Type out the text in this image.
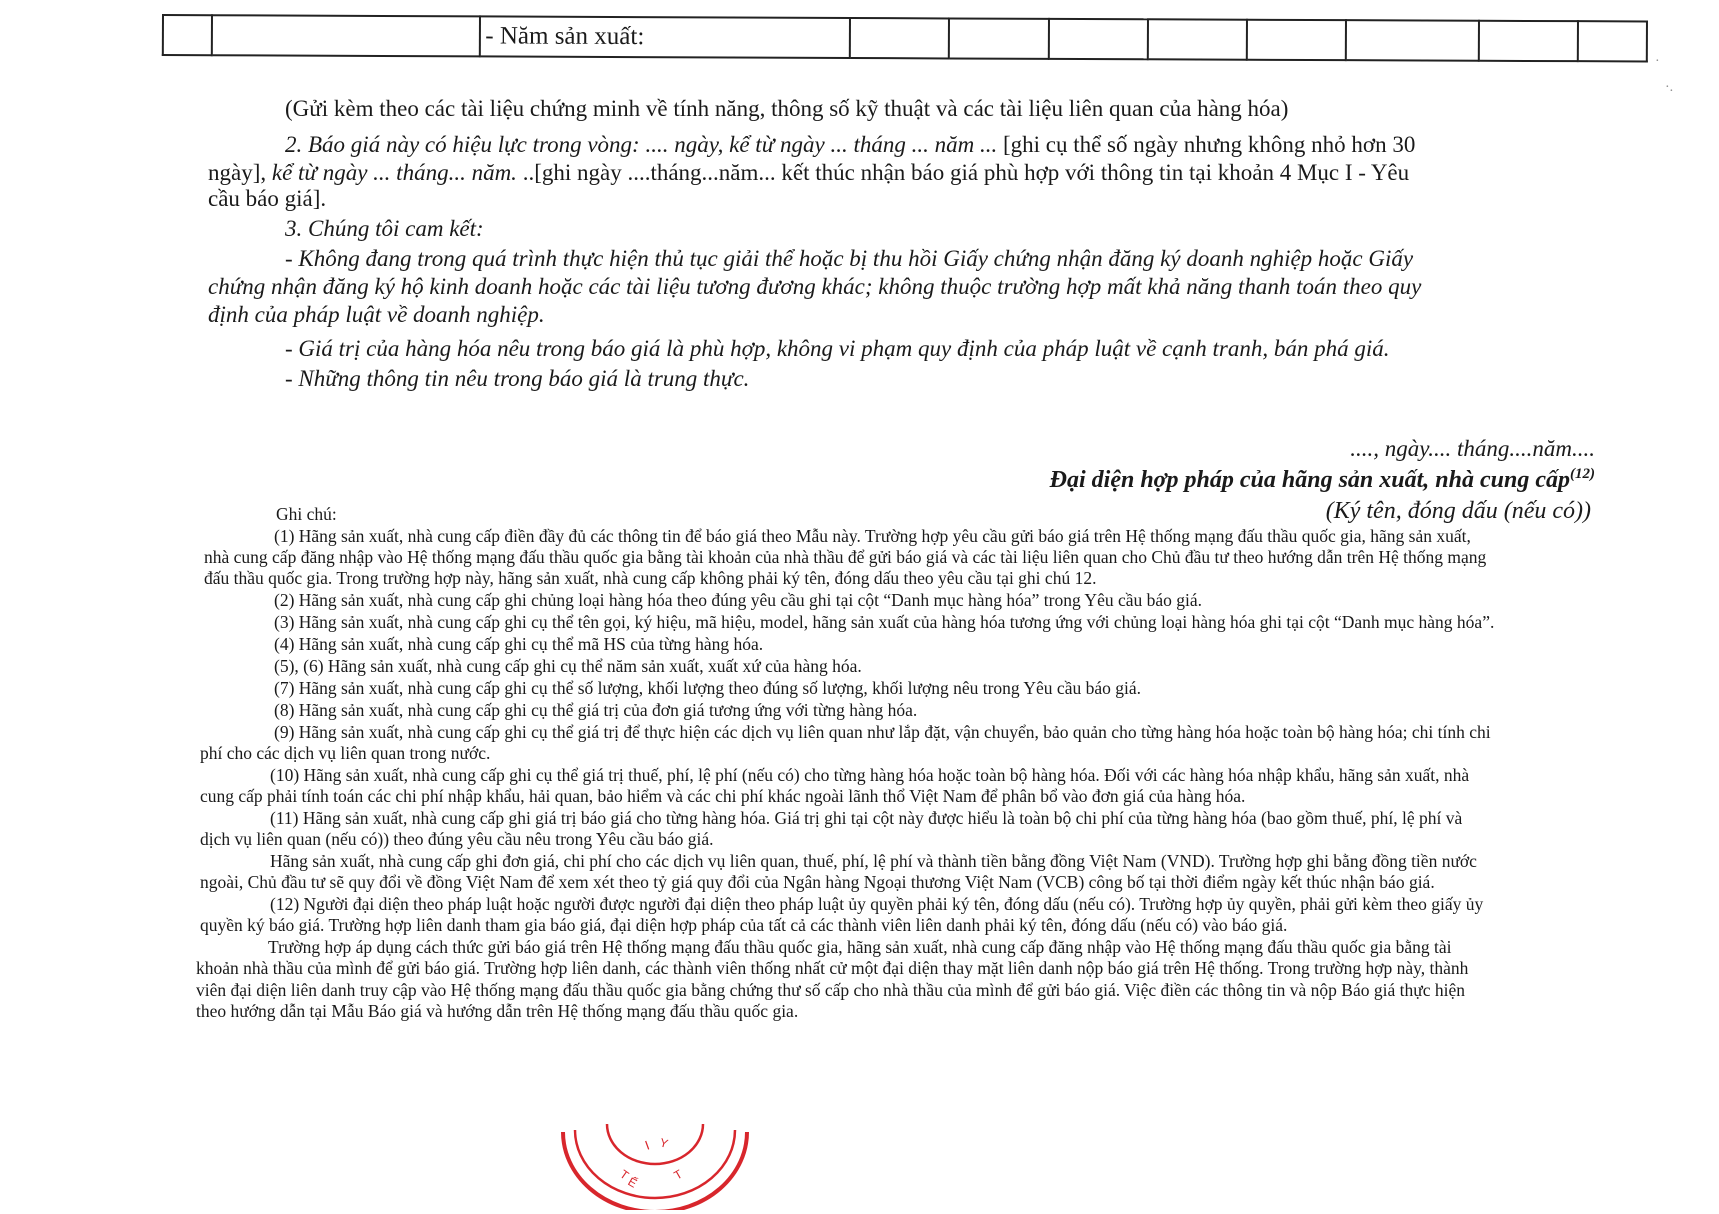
		- Năm sản xuất:								
·
·.
(Gửi kèm theo các tài liệu chứng minh về tính năng, thông số kỹ thuật và các tài liệu liên quan của hàng hóa)
2. Báo giá này có hiệu lực trong vòng: .... ngày, kể từ ngày ... tháng ... năm ... [ghi cụ thể số ngày nhưng không nhỏ hơn 30
ngày], kể từ ngày ... tháng... năm. ..[ghi ngày ....tháng...năm... kết thúc nhận báo giá phù hợp với thông tin tại khoản 4 Mục I - Yêu
cầu báo giá].
3. Chúng tôi cam kết:
- Không đang trong quá trình thực hiện thủ tục giải thể hoặc bị thu hồi Giấy chứng nhận đăng ký doanh nghiệp hoặc Giấy
chứng nhận đăng ký hộ kinh doanh hoặc các tài liệu tương đương khác; không thuộc trường hợp mất khả năng thanh toán theo quy
định của pháp luật về doanh nghiệp.
- Giá trị của hàng hóa nêu trong báo giá là phù hợp, không vi phạm quy định của pháp luật về cạnh tranh, bán phá giá.
- Những thông tin nêu trong báo giá là trung thực.
...., ngày.... tháng....năm....
Đại diện hợp pháp của hãng sản xuất, nhà cung cấp$^{(12)}$
(Ký tên, đóng dấu (nếu có))
Ghi chú:
(1) Hãng sản xuất, nhà cung cấp điền đầy đủ các thông tin để báo giá theo Mẫu này. Trường hợp yêu cầu gửi báo giá trên Hệ thống mạng đấu thầu quốc gia, hãng sản xuất,
nhà cung cấp đăng nhập vào Hệ thống mạng đấu thầu quốc gia bằng tài khoản của nhà thầu để gửi báo giá và các tài liệu liên quan cho Chủ đầu tư theo hướng dẫn trên Hệ thống mạng
đấu thầu quốc gia. Trong trường hợp này, hãng sản xuất, nhà cung cấp không phải ký tên, đóng dấu theo yêu cầu tại ghi chú 12.
(2) Hãng sản xuất, nhà cung cấp ghi chủng loại hàng hóa theo đúng yêu cầu ghi tại cột “Danh mục hàng hóa” trong Yêu cầu báo giá.
(3) Hãng sản xuất, nhà cung cấp ghi cụ thể tên gọi, ký hiệu, mã hiệu, model, hãng sản xuất của hàng hóa tương ứng với chủng loại hàng hóa ghi tại cột “Danh mục hàng hóa”.
(4) Hãng sản xuất, nhà cung cấp ghi cụ thể mã HS của từng hàng hóa.
(5), (6) Hãng sản xuất, nhà cung cấp ghi cụ thể năm sản xuất, xuất xứ của hàng hóa.
(7) Hãng sản xuất, nhà cung cấp ghi cụ thể số lượng, khối lượng theo đúng số lượng, khối lượng nêu trong Yêu cầu báo giá.
(8) Hãng sản xuất, nhà cung cấp ghi cụ thể giá trị của đơn giá tương ứng với từng hàng hóa.
(9) Hãng sản xuất, nhà cung cấp ghi cụ thể giá trị để thực hiện các dịch vụ liên quan như lắp đặt, vận chuyển, bảo quản cho từng hàng hóa hoặc toàn bộ hàng hóa; chi tính chi
phí cho các dịch vụ liên quan trong nước.
(10) Hãng sản xuất, nhà cung cấp ghi cụ thể giá trị thuế, phí, lệ phí (nếu có) cho từng hàng hóa hoặc toàn bộ hàng hóa. Đối với các hàng hóa nhập khẩu, hãng sản xuất, nhà
cung cấp phải tính toán các chi phí nhập khẩu, hải quan, bảo hiểm và các chi phí khác ngoài lãnh thổ Việt Nam để phân bổ vào đơn giá của hàng hóa.
(11) Hãng sản xuất, nhà cung cấp ghi giá trị báo giá cho từng hàng hóa. Giá trị ghi tại cột này được hiểu là toàn bộ chi phí của từng hàng hóa (bao gồm thuế, phí, lệ phí và
dịch vụ liên quan (nếu có)) theo đúng yêu cầu nêu trong Yêu cầu báo giá.
Hãng sản xuất, nhà cung cấp ghi đơn giá, chi phí cho các dịch vụ liên quan, thuế, phí, lệ phí và thành tiền bằng đồng Việt Nam (VND). Trường hợp ghi bằng đồng tiền nước
ngoài, Chủ đầu tư sẽ quy đổi về đồng Việt Nam để xem xét theo tỷ giá quy đổi của Ngân hàng Ngoại thương Việt Nam (VCB) công bố tại thời điểm ngày kết thúc nhận báo giá.
(12) Người đại diện theo pháp luật hoặc người được người đại diện theo pháp luật ủy quyền phải ký tên, đóng dấu (nếu có). Trường hợp ủy quyền, phải gửi kèm theo giấy ủy
quyền ký báo giá. Trường hợp liên danh tham gia báo giá, đại diện hợp pháp của tất cả các thành viên liên danh phải ký tên, đóng dấu (nếu có) vào báo giá.
Trường hợp áp dụng cách thức gửi báo giá trên Hệ thống mạng đấu thầu quốc gia, hãng sản xuất, nhà cung cấp đăng nhập vào Hệ thống mạng đấu thầu quốc gia bằng tài
khoản nhà thầu của mình để gửi báo giá. Trường hợp liên danh, các thành viên thống nhất cử một đại diện thay mặt liên danh nộp báo giá trên Hệ thống. Trong trường hợp này, thành
viên đại diện liên danh truy cập vào Hệ thống mạng đấu thầu quốc gia bằng chứng thư số cấp cho nhà thầu của mình để gửi báo giá. Việc điền các thông tin và nộp Báo giá thực hiện
theo hướng dẫn tại Mẫu Báo giá và hướng dẫn trên Hệ thống mạng đấu thầu quốc gia.
I Y
T
Ế	T
